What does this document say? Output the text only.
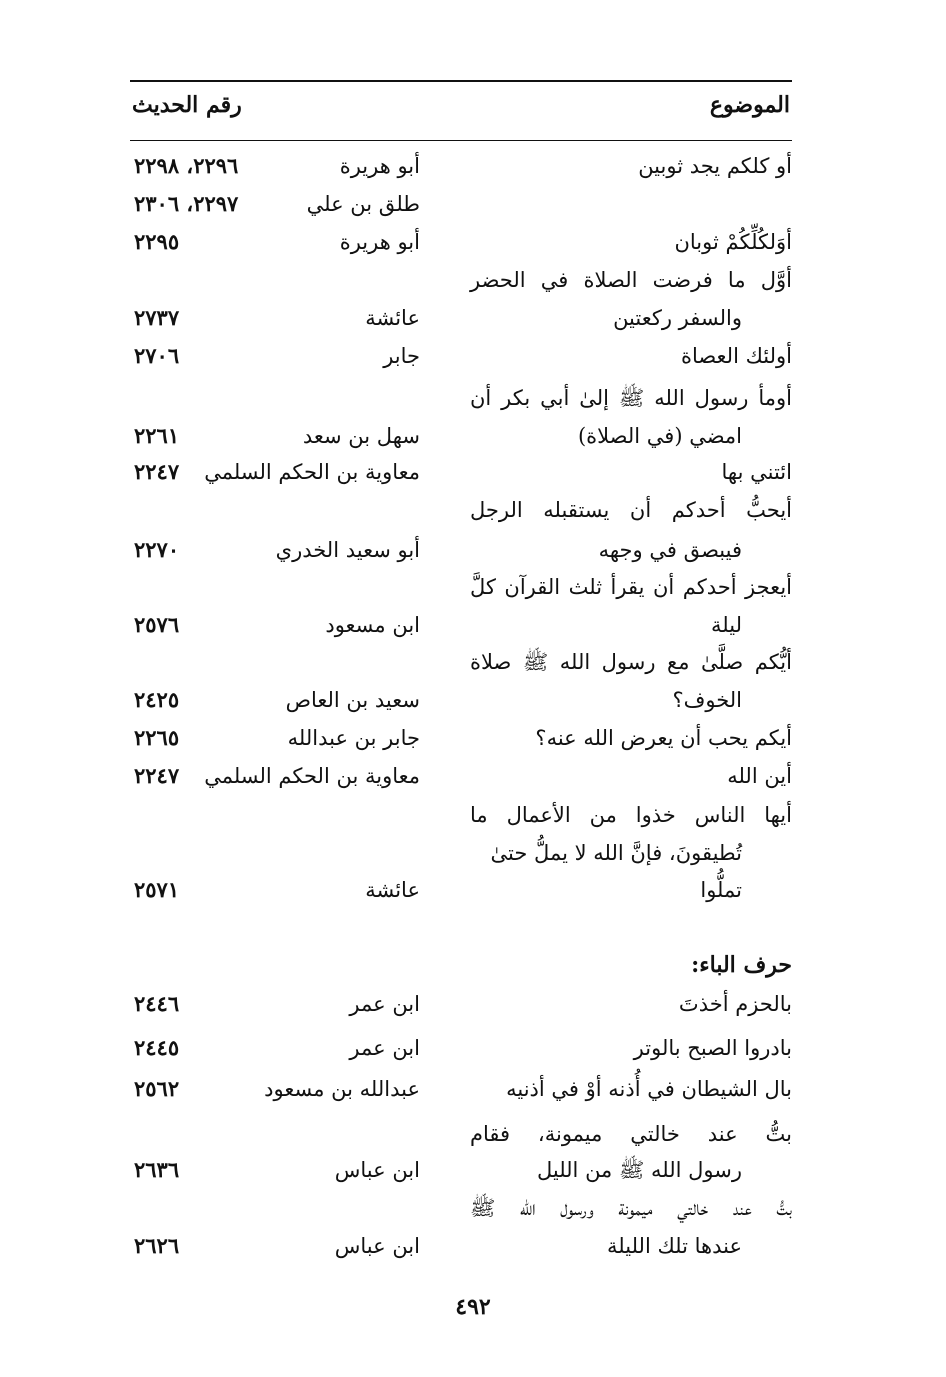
الموضوع
رقم الحديث
أو كلكم يجد ثوبين
أبو هريرة
٢٢٩٦، ٢٢٩٨
طلق بن علي
٢٢٩٧، ٢٣٠٦
أوَلكُلِّكُمْ ثوبان
أبو هريرة
٢٢٩٥
أوَّل ما فرضت الصلاة في الحضر
والسفر ركعتين
عائشة
٢٧٣٧
أولئك العصاة
جابر
٢٧٠٦
أومأ رسول الله ﷺ إلىٰ أبي بكر أن
امضي (في الصلاة)
سهل بن سعد
٢٢٦١
ائتني بها
معاوية بن الحكم السلمي
٢٢٤٧
أيحبُّ أحدكم أن يستقبله الرجل
فيبصق في وجهه
أبو سعيد الخدري
٢٢٧٠
أيعجز أحدكم أن يقرأ ثلث القرآن كلَّ
ليلة
ابن مسعود
٢٥٧٦
أيُّكم صلَّىٰ مع رسول الله ﷺ صلاة
الخوف؟
سعيد بن العاص
٢٤٢٥
أيكم يحب أن يعرض الله عنه؟
جابر بن عبدالله
٢٢٦٥
أين الله
معاوية بن الحكم السلمي
٢٢٤٧
أيها الناس خذوا من الأعمال ما
تُطيقونَ، فإنَّ الله لا يملُّ حتىٰ
تملُّوا
عائشة
٢٥٧١
حرف الباء:
بالحزم أخذتَ
ابن عمر
٢٤٤٦
بادروا الصبح بالوتر
ابن عمر
٢٤٤٥
بال الشيطان في أُذنه أوْ في أذنيه
عبدالله بن مسعود
٢٥٦٢
بتُّ عند خالتي ميمونة، فقام
رسول الله ﷺ من الليل
ابن عباس
٢٦٣٦
بتُّ عند خالتي ميمونة ورسول الله ﷺ
عندها تلك الليلة
ابن عباس
٢٦٢٦
٤٩٢
